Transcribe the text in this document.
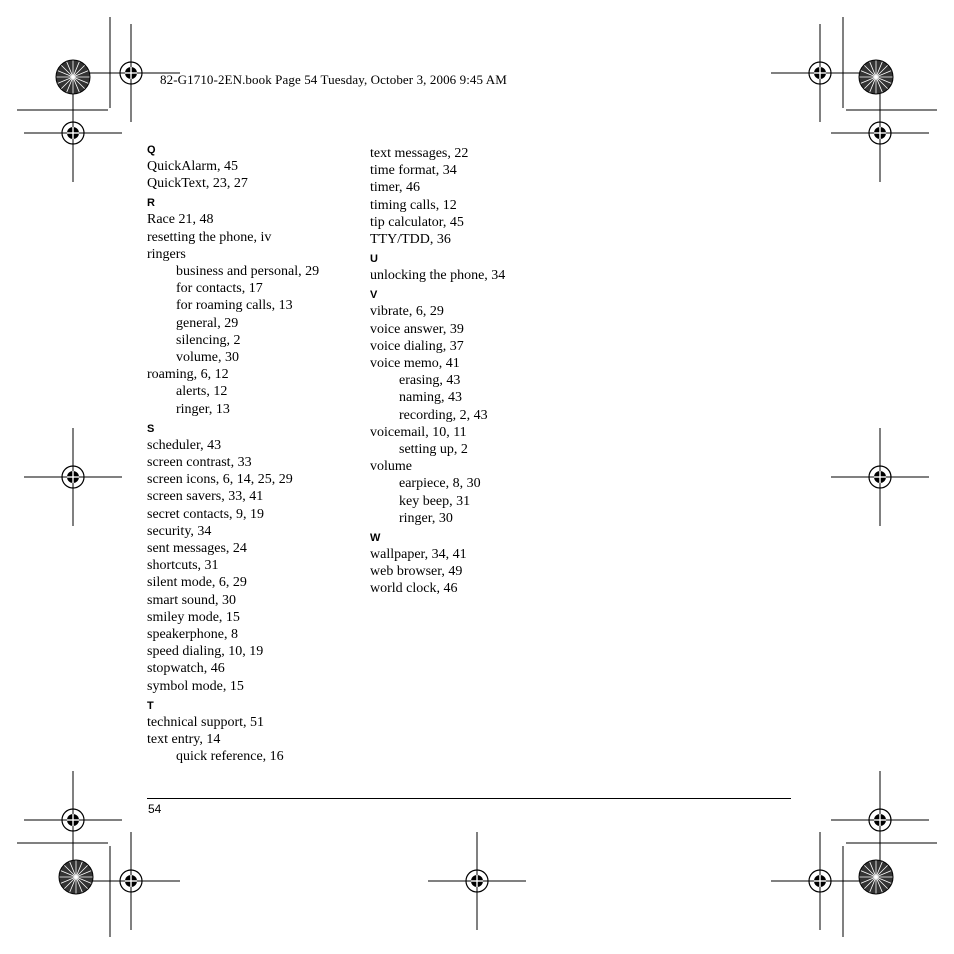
82-G1710-2EN.book Page 54 Tuesday, October 3, 2006 9:45 AM
Q
QuickAlarm, 45
QuickText, 23, 27
R
Race 21, 48
resetting the phone, iv
ringers
business and personal, 29
for contacts, 17
for roaming calls, 13
general, 29
silencing, 2
volume, 30
roaming, 6, 12
alerts, 12
ringer, 13
S
scheduler, 43
screen contrast, 33
screen icons, 6, 14, 25, 29
screen savers, 33, 41
secret contacts, 9, 19
security, 34
sent messages, 24
shortcuts, 31
silent mode, 6, 29
smart sound, 30
smiley mode, 15
speakerphone, 8
speed dialing, 10, 19
stopwatch, 46
symbol mode, 15
T
technical support, 51
text entry, 14
quick reference, 16
text messages, 22
time format, 34
timer, 46
timing calls, 12
tip calculator, 45
TTY/TDD, 36
U
unlocking the phone, 34
V
vibrate, 6, 29
voice answer, 39
voice dialing, 37
voice memo, 41
erasing, 43
naming, 43
recording, 2, 43
voicemail, 10, 11
setting up, 2
volume
earpiece, 8, 30
key beep, 31
ringer, 30
W
wallpaper, 34, 41
web browser, 49
world clock, 46
54
